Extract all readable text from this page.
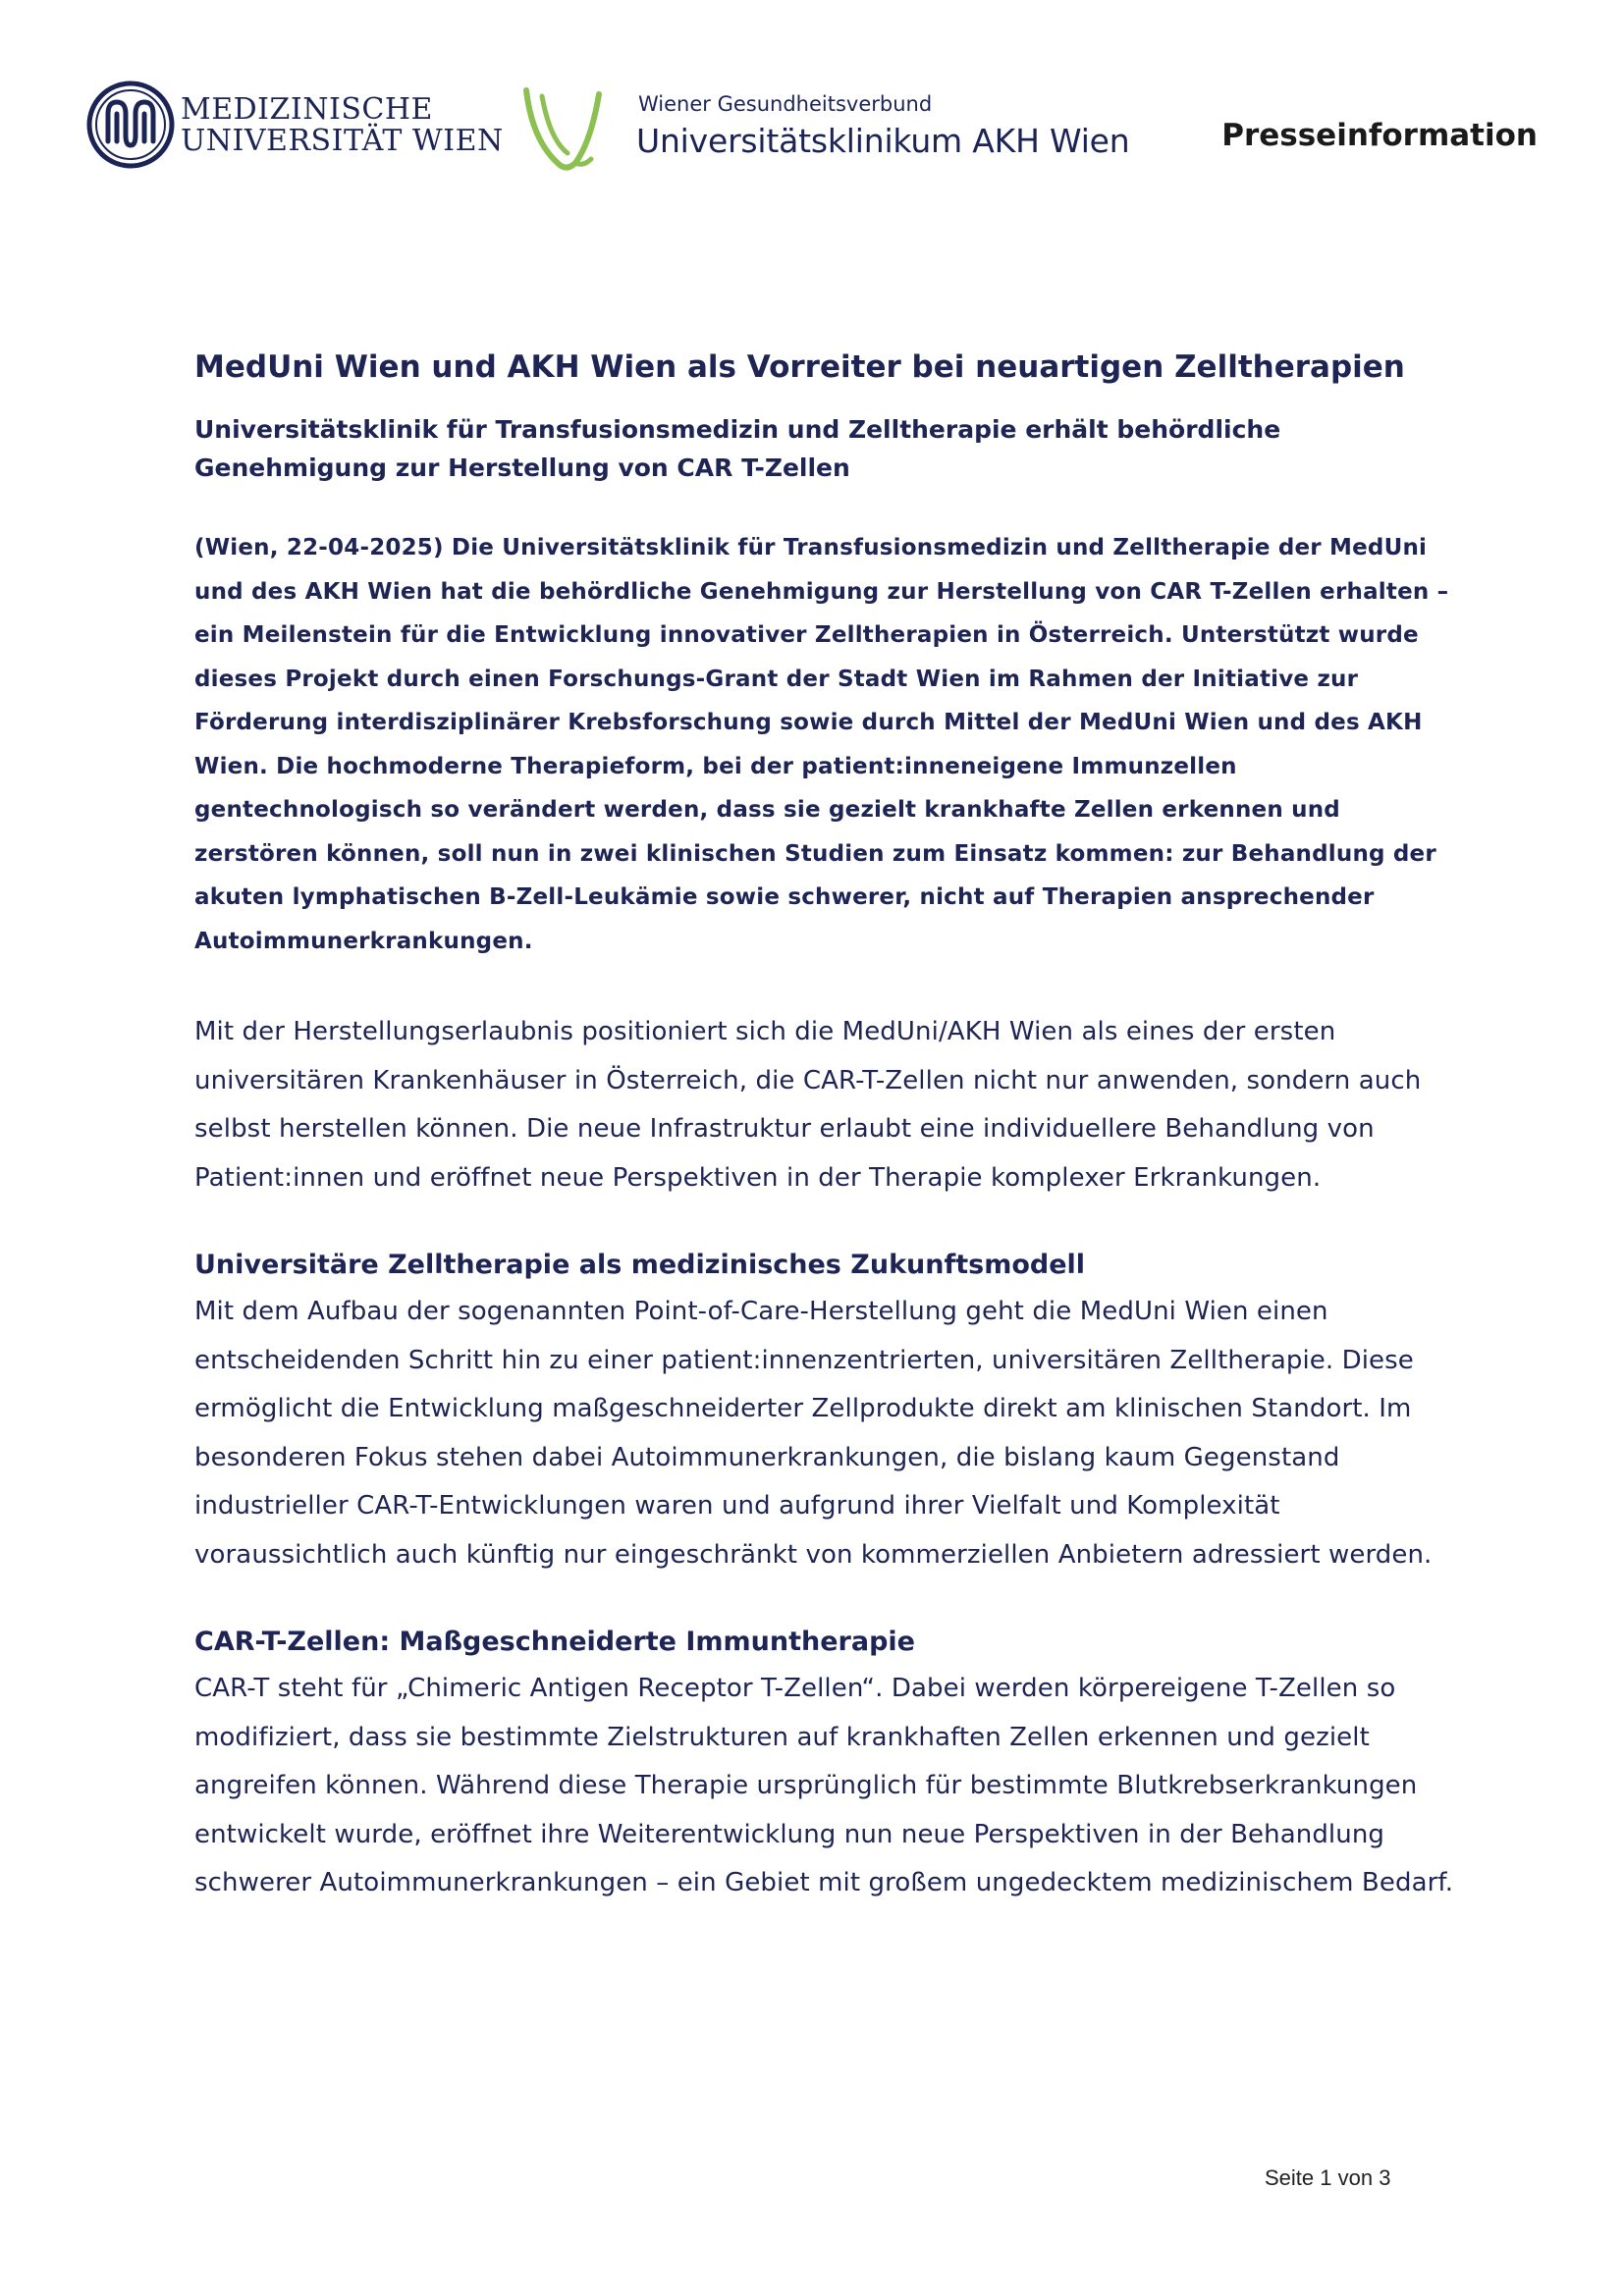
MEDIZINISCHE
UNIVERSITÄT WIEN
Wiener Gesundheitsverbund
Universitätsklinikum AKH Wien	Presseinformation
MedUni Wien und AKH Wien als Vorreiter bei neuartigen Zelltherapien
Universitätsklinik für Transfusionsmedizin und Zelltherapie erhält behördliche Genehmigung zur Herstellung von CAR T-Zellen

(Wien, 22-04-2025) Die Universitätsklinik für Transfusionsmedizin und Zelltherapie der MedUni und des AKH Wien hat die behördliche Genehmigung zur Herstellung von CAR T-Zellen erhalten – ein Meilenstein für die Entwicklung innovativer Zelltherapien in Österreich. Unterstützt wurde dieses Projekt durch einen Forschungs-Grant der Stadt Wien im Rahmen der Initiative zur Förderung interdisziplinärer Krebsforschung sowie durch Mittel der MedUni Wien und des AKH Wien. Die hochmoderne Therapieform, bei der patient:inneneigene Immunzellen gentechnologisch so verändert werden, dass sie gezielt krankhafte Zellen erkennen und zerstören können, soll nun in zwei klinischen Studien zum Einsatz kommen: zur Behandlung der akuten lymphatischen B-Zell-Leukämie sowie schwerer, nicht auf Therapien ansprechender Autoimmunerkrankungen.

Mit der Herstellungserlaubnis positioniert sich die MedUni/AKH Wien als eines der ersten universitären Krankenhäuser in Österreich, die CAR-T-Zellen nicht nur anwenden, sondern auch selbst herstellen können. Die neue Infrastruktur erlaubt eine individuellere Behandlung von Patient:innen und eröffnet neue Perspektiven in der Therapie komplexer Erkrankungen.

Universitäre Zelltherapie als medizinisches Zukunftsmodell

Mit dem Aufbau der sogenannten Point-of-Care-Herstellung geht die MedUni Wien einen entscheidenden Schritt hin zu einer patient:innenzentrierten, universitären Zelltherapie. Diese ermöglicht die Entwicklung maßgeschneiderter Zellprodukte direkt am klinischen Standort. Im besonderen Fokus stehen dabei Autoimmunerkrankungen, die bislang kaum Gegenstand industrieller CAR-T-Entwicklungen waren und aufgrund ihrer Vielfalt und Komplexität voraussichtlich auch künftig nur eingeschränkt von kommerziellen Anbietern adressiert werden.

CAR-T-Zellen: Maßgeschneiderte Immuntherapie

CAR-T steht für „Chimeric Antigen Receptor T-Zellen“. Dabei werden körpereigene T-Zellen so modifiziert, dass sie bestimmte Zielstrukturen auf krankhaften Zellen erkennen und gezielt angreifen können. Während diese Therapie ursprünglich für bestimmte Blutkrebserkrankungen entwickelt wurde, eröffnet ihre Weiterentwicklung nun neue Perspektiven in der Behandlung schwerer Autoimmunerkrankungen – ein Gebiet mit großem ungedecktem medizinischem Bedarf.

Seite 1 von 3
